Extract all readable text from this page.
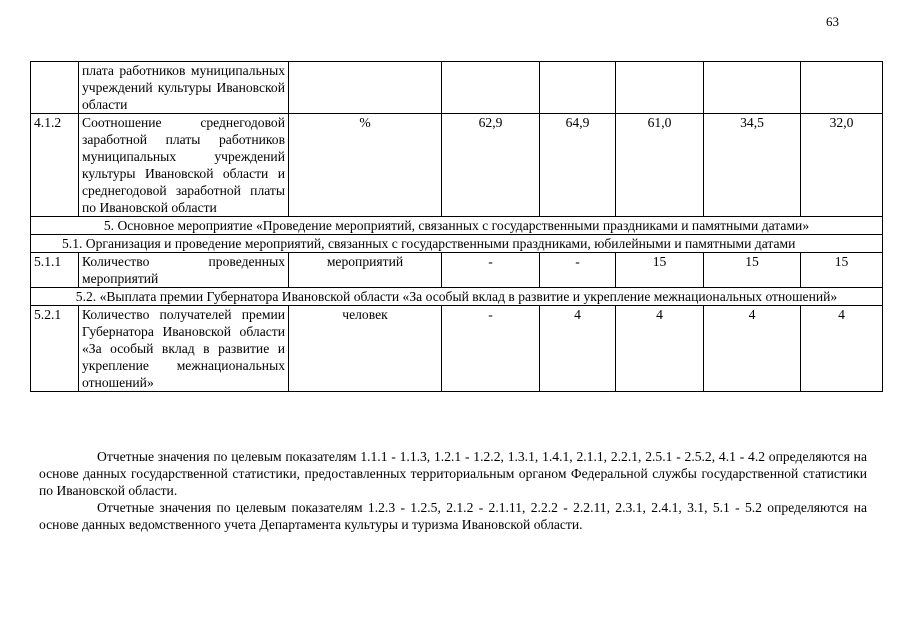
63
	плата работников муниципальных учреждений культуры Ивановской области						
4.1.2	Соотношение среднегодовой заработной платы работников муниципальных учреждений культуры Ивановской области и среднегодовой заработной платы по Ивановской области	%	62,9	64,9	61,0	34,5	32,0
5. Основное мероприятие «Проведение мероприятий, связанных с государственными праздниками и памятными датами»							
5.1. Организация и проведение мероприятий, связанных с государственными праздниками, юбилейными и памятными датами							
5.1.1	Количество проведенных мероприятий	мероприятий	-	-	15	15	15
5.2. «Выплата премии Губернатора Ивановской области «За особый вклад в развитие и укрепление межнациональных отношений»							
5.2.1	Количество получателей премии Губернатора Ивановской области «За особый вклад в развитие и укрепление межнациональных отношений»	человек	-	4	4	4	4

Отчетные значения по целевым показателям 1.1.1 - 1.1.3, 1.2.1 - 1.2.2, 1.3.1, 1.4.1, 2.1.1, 2.2.1, 2.5.1 - 2.5.2, 4.1 - 4.2 определяются на основе данных государственной статистики, предоставленных территориальным органом Федеральной службы государственной статистики по Ивановской области.

Отчетные значения по целевым показателям 1.2.3 - 1.2.5, 2.1.2 - 2.1.11, 2.2.2 - 2.2.11, 2.3.1, 2.4.1, 3.1, 5.1 - 5.2 определяются на основе данных ведомственного учета Департамента культуры и туризма Ивановской области.
